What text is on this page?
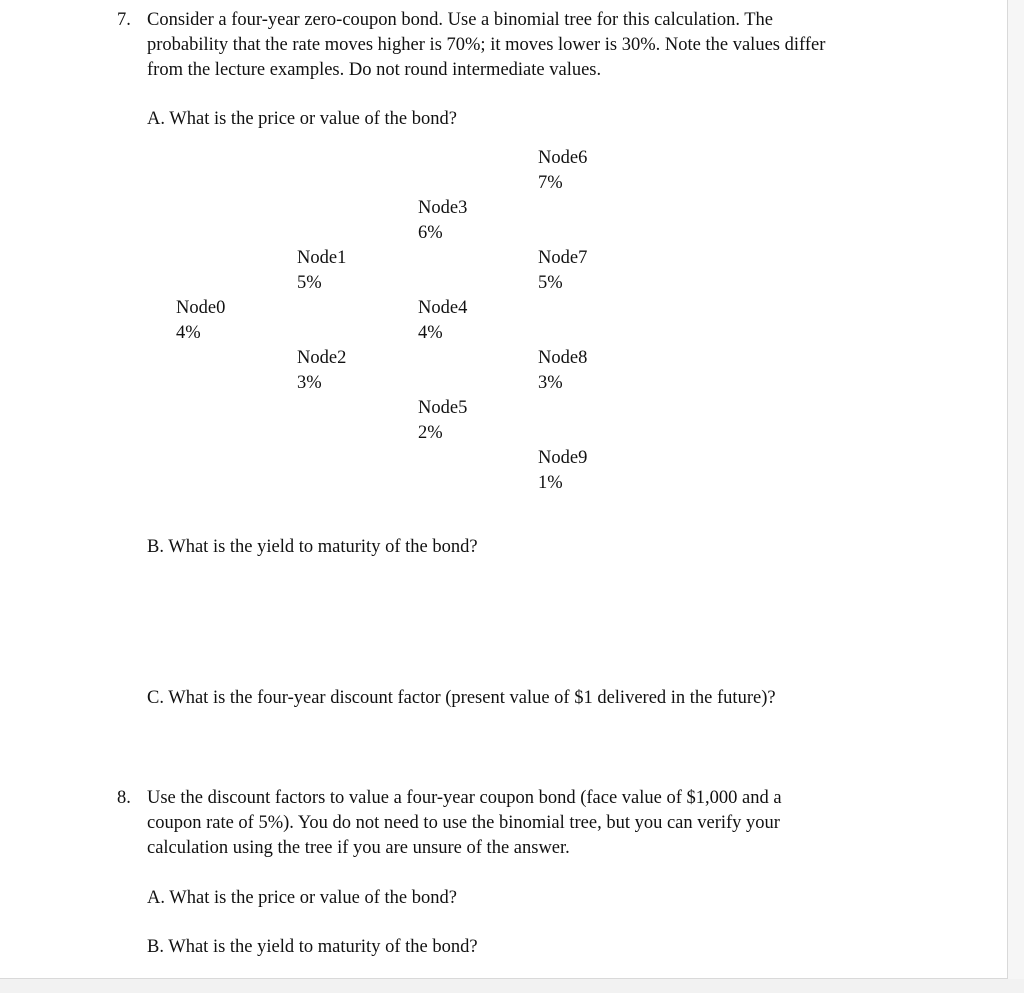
7. Consider a four-year zero-coupon bond. Use a binomial tree for this calculation. The

probability that the rate moves higher is 70%; it moves lower is 30%. Note the values differ

from the lecture examples. Do not round intermediate values.

A. What is the price or value of the bond?

Node0
4%
Node1
5%
Node2
3%
Node3
6%
Node4
4%
Node5
2%
Node6
7%
Node7
5%
Node8
3%
Node9
1%

B. What is the yield to maturity of the bond?

C. What is the four-year discount factor (present value of $1 delivered in the future)?

8. Use the discount factors to value a four-year coupon bond (face value of $1,000 and a

coupon rate of 5%). You do not need to use the binomial tree, but you can verify your

calculation using the tree if you are unsure of the answer.

A. What is the price or value of the bond?

B. What is the yield to maturity of the bond?
